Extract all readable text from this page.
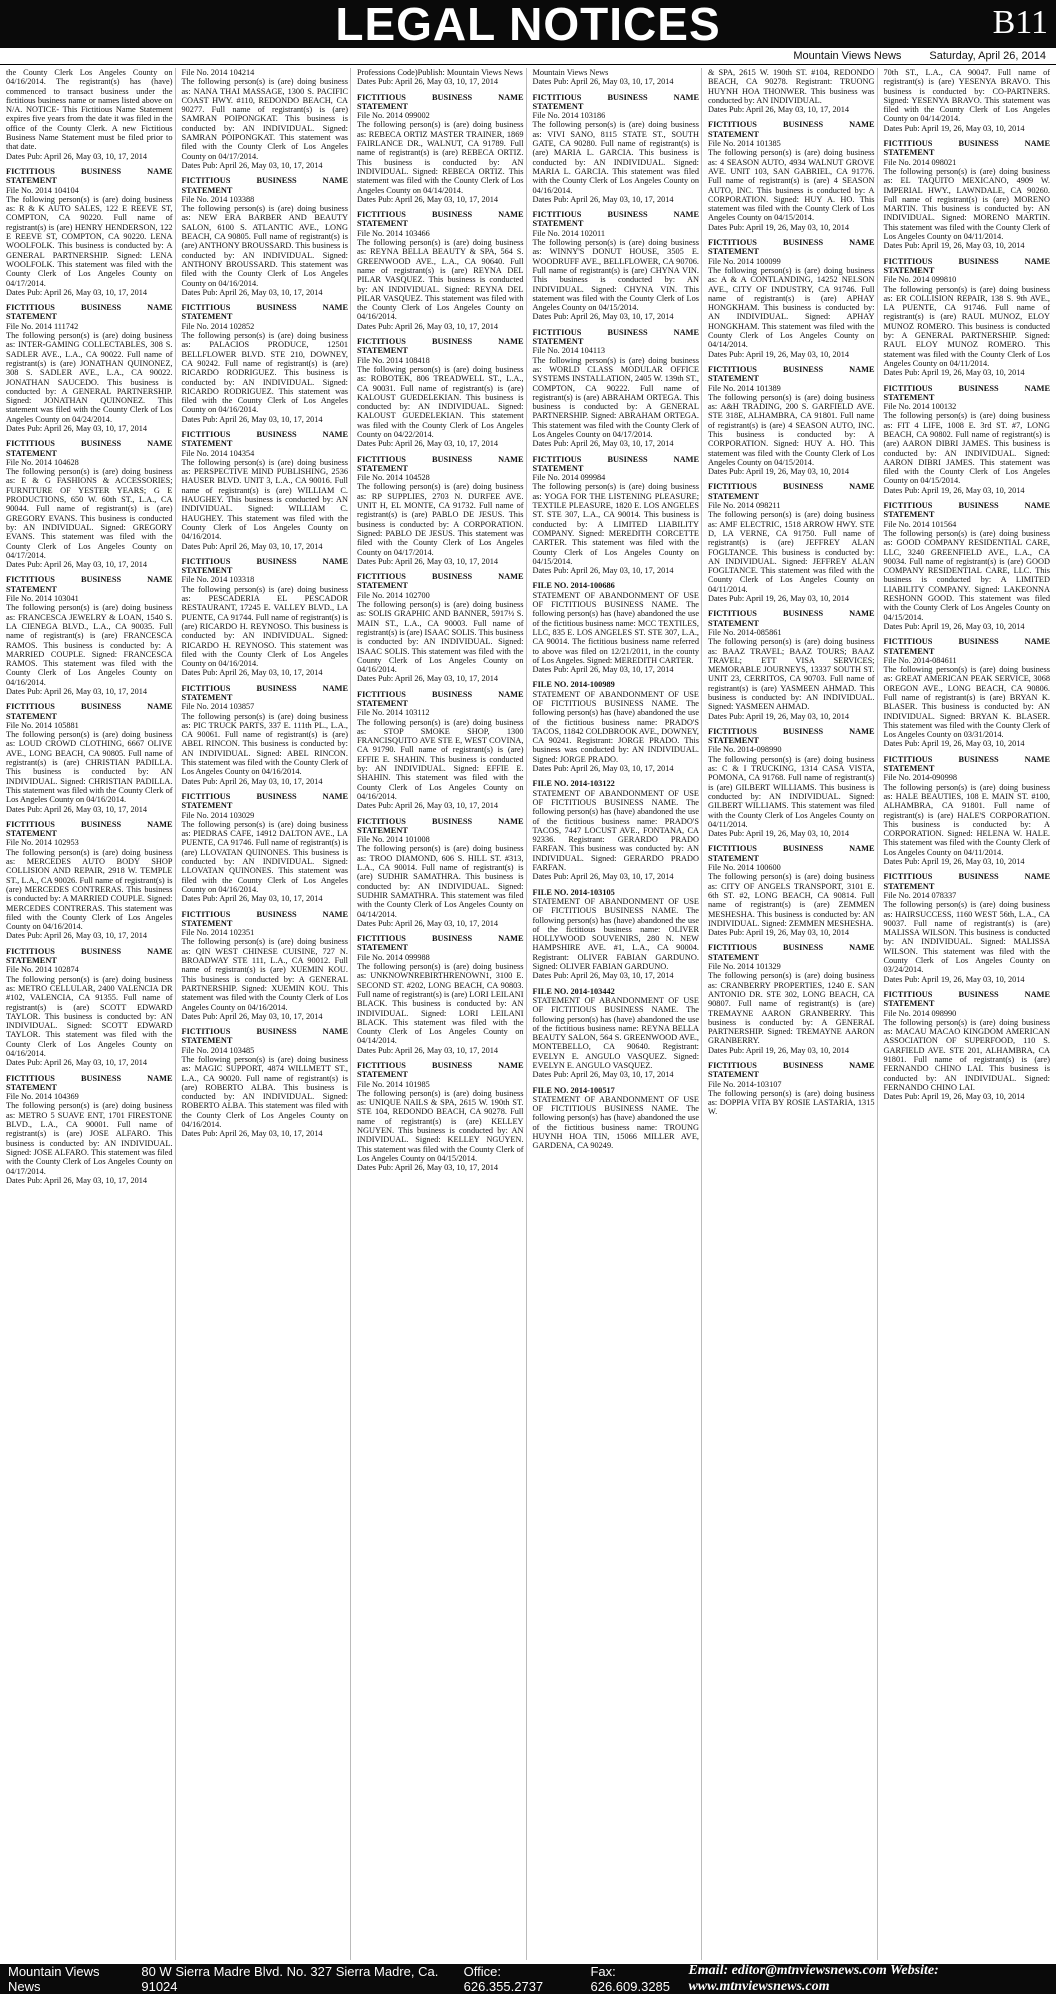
LEGAL NOTICES	B11
Mountain Views News	Saturday, April 26, 2014
the County Clerk Los Angeles County on 04/16/2014. The registrant(s) has (have) commenced to transact business under the fictitious business name or names listed above on N/A. NOTICE- This Fictitious Name Statement expires five years from the date it was filed in the office of the County Clerk. A new Fictitious Business Name Statement must be filed prior to that date.
Dates Pub: April 26, May 03, 10, 17, 2014
FICTITIOUS BUSINESS NAME STATEMENT
File No. 2014 104104
The following person(s) is (are) doing business as: R & K AUTO SALES, 122 E REEVE ST, COMPTON, CA 90220. Full name of registrant(s) is (are) HENRY HENDERSON, 122 E REEVE ST, COMPTON, CA 90220. LENA WOOLFOLK. This business is conducted by: A GENERAL PARTNERSHIP. Signed: LENA WOOLFOLK. This statement was filed with the County Clerk of Los Angeles County on 04/17/2014.
Dates Pub: April 26, May 03, 10, 17, 2014
FICTITIOUS BUSINESS NAME STATEMENT
File No. 2014 111742
The following person(s) is (are) doing business as: INTER-GAMING COLLECTABLES, 308 S. SADLER AVE., L.A., CA 90022. Full name of registrant(s) is (are) JONATHAN QUINONEZ, 308 S. SADLER AVE., L.A., CA 90022. JONATHAN SAUCEDO. This business is conducted by: A GENERAL PARTNERSHIP. Signed: JONATHAN QUINONEZ. This statement was filed with the County Clerk of Los Angeles County on 04/24/2014.
Dates Pub: April 26, May 03, 10, 17, 2014
FICTITIOUS BUSINESS NAME STATEMENT
File No. 2014 104628
The following person(s) is (are) doing business as: E & G FASHIONS & ACCESSORIES; FURNITURE OF YESTER YEARS; G E PRODUCTIONS, 650 W. 60th ST., L.A., CA 90044. Full name of registrant(s) is (are) GREGORY EVANS. This business is conducted by: AN INDIVIDUAL. Signed: GREGORY EVANS. This statement was filed with the County Clerk of Los Angeles County on 04/17/2014.
Dates Pub: April 26, May 03, 10, 17, 2014
FICTITIOUS BUSINESS NAME STATEMENT
File No. 2014 103041
The following person(s) is (are) doing business as: FRANCESCA JEWELRY & LOAN, 1540 S. LA CIENEGA BLVD., L.A., CA 90035. Full name of registrant(s) is (are) FRANCESCA RAMOS. This business is conducted by: A MARRIED COUPLE. Signed: FRANCESCA RAMOS. This statement was filed with the County Clerk of Los Angeles County on 04/16/2014.
Dates Pub: April 26, May 03, 10, 17, 2014
FICTITIOUS BUSINESS NAME STATEMENT
File No. 2014 105881
The following person(s) is (are) doing business as: LOUD CROWD CLOTHING, 6667 OLIVE AVE., LONG BEACH, CA 90805. Full name of registrant(s) is (are) CHRISTIAN PADILLA. This business is conducted by: AN INDIVIDUAL. Signed: CHRISTIAN PADILLA. This statement was filed with the County Clerk of Los Angeles County on 04/16/2014.
Dates Pub: April 26, May 03, 10, 17, 2014
FICTITIOUS BUSINESS NAME STATEMENT
File No. 2014 102953
The following person(s) is (are) doing business as: MERCEDES AUTO BODY SHOP COLLISION AND REPAIR, 2918 W. TEMPLE ST., L.A., CA 90026. Full name of registrant(s) is (are) MERCEDES CONTRERAS. This business is conducted by: A MARRIED COUPLE. Signed: MERCEDES CONTRERAS. This statement was filed with the County Clerk of Los Angeles County on 04/16/2014.
Dates Pub: April 26, May 03, 10, 17, 2014
FICTITIOUS BUSINESS NAME STATEMENT
File No. 2014 102874
The following person(s) is (are) doing business as: METRO CELLULAR, 2400 VALENCIA DR #102, VALENCIA, CA 91355. Full name of registrant(s) is (are) SCOTT EDWARD TAYLOR. This business is conducted by: AN INDIVIDUAL. Signed: SCOTT EDWARD TAYLOR. This statement was filed with the County Clerk of Los Angeles County on 04/16/2014.
Dates Pub: April 26, May 03, 10, 17, 2014
FICTITIOUS BUSINESS NAME STATEMENT
File No. 2014 104369
The following person(s) is (are) doing business as: METRO 5 SUAVE ENT, 1701 FIRESTONE BLVD., L.A., CA 90001. Full name of registrant(s) is (are) JOSE ALFARO. This business is conducted by: AN INDIVIDUAL. Signed: JOSE ALFARO. This statement was filed with the County Clerk of Los Angeles County on 04/17/2014.
Dates Pub: April 26, May 03, 10, 17, 2014
File No. 2014 104214
The following person(s) is (are) doing business as: NANA THAI MASSAGE, 1300 S. PACIFIC COAST HWY. #110, REDONDO BEACH, CA 90277. Full name of registrant(s) is (are) SAMRAN POIPONGKAT. This business is conducted by: AN INDIVIDUAL. Signed: SAMRAN POIPONGKAT. This statement was filed with the County Clerk of Los Angeles County on 04/17/2014.
Dates Pub: April 26, May 03, 10, 17, 2014
FICTITIOUS BUSINESS NAME STATEMENT
File No. 2014 103388
The following person(s) is (are) doing business as: NEW ERA BARBER AND BEAUTY SALON, 6100 S. ATLANTIC AVE., LONG BEACH, CA 90805. Full name of registrant(s) is (are) ANTHONY BROUSSARD. This business is conducted by: AN INDIVIDUAL. Signed: ANTHONY BROUSSARD. This statement was filed with the County Clerk of Los Angeles County on 04/16/2014.
Dates Pub: April 26, May 03, 10, 17, 2014
FICTITIOUS BUSINESS NAME STATEMENT
File No. 2014 102852
The following person(s) is (are) doing business as: PALACIOS PRODUCE, 12501 BELLFLOWER BLVD. STE 210, DOWNEY, CA 90242. Full name of registrant(s) is (are) RICARDO RODRIGUEZ. This business is conducted by: AN INDIVIDUAL. Signed: RICARDO RODRIGUEZ. This statement was filed with the County Clerk of Los Angeles County on 04/16/2014.
Dates Pub: April 26, May 03, 10, 17, 2014
FICTITIOUS BUSINESS NAME STATEMENT
File No. 2014 104354
The following person(s) is (are) doing business as: PERSPECTIVE MIND PUBLISHING, 2536 HAUSER BLVD. UNIT 3, L.A., CA 90016. Full name of registrant(s) is (are) WILLIAM C. HAUGHEY. This business is conducted by: AN INDIVIDUAL. Signed: WILLIAM C. HAUGHEY. This statement was filed with the County Clerk of Los Angeles County on 04/16/2014.
Dates Pub: April 26, May 03, 10, 17, 2014
FICTITIOUS BUSINESS NAME STATEMENT
File No. 2014 103318
The following person(s) is (are) doing business as: PESCADERIA EL PESCADOR RESTAURANT, 17245 E. VALLEY BLVD., LA PUENTE, CA 91744. Full name of registrant(s) is (are) RICARDO H. REYNOSO. This business is conducted by: AN INDIVIDUAL. Signed: RICARDO H. REYNOSO. This statement was filed with the County Clerk of Los Angeles County on 04/16/2014.
Dates Pub: April 26, May 03, 10, 17, 2014
FICTITIOUS BUSINESS NAME STATEMENT
File No. 2014 103857
The following person(s) is (are) doing business as: PIC TRUCK PARTS, 337 E. 111th PL., L.A., CA 90061. Full name of registrant(s) is (are) ABEL RINCON. This business is conducted by: AN INDIVIDUAL. Signed: ABEL RINCON. This statement was filed with the County Clerk of Los Angeles County on 04/16/2014.
Dates Pub: April 26, May 03, 10, 17, 2014
FICTITIOUS BUSINESS NAME STATEMENT
File No. 2014 103029
The following person(s) is (are) doing business as: PIEDRAS CAFE, 14912 DALTON AVE., LA PUENTE, CA 91746. Full name of registrant(s) is (are) LLOVATAN QUINONES. This business is conducted by: AN INDIVIDUAL. Signed: LLOVATAN QUINONES. This statement was filed with the County Clerk of Los Angeles County on 04/16/2014.
Dates Pub: April 26, May 03, 10, 17, 2014
FICTITIOUS BUSINESS NAME STATEMENT
File No. 2014 102351
The following person(s) is (are) doing business as: QIN WEST CHINESE CUISINE, 727 N. BROADWAY STE 111, L.A., CA 90012. Full name of registrant(s) is (are) XUEMIN KOU. This business is conducted by: A GENERAL PARTNERSHIP. Signed: XUEMIN KOU. This statement was filed with the County Clerk of Los Angeles County on 04/16/2014.
Dates Pub: April 26, May 03, 10, 17, 2014
FICTITIOUS BUSINESS NAME STATEMENT
File No. 2014 103485
The following person(s) is (are) doing business as: MAGIC SUPPORT, 4874 WILLMETT ST., L.A., CA 90020. Full name of registrant(s) is (are) ROBERTO ALBA. This business is conducted by: AN INDIVIDUAL. Signed: ROBERTO ALBA. This statement was filed with the County Clerk of Los Angeles County on 04/16/2014.
Dates Pub: April 26, May 03, 10, 17, 2014
Professions Code)Publish: Mountain Views News
Dates Pub: April 26, May 03, 10, 17, 2014
FICTITIOUS BUSINESS NAME STATEMENT
File No. 2014 099002
The following person(s) is (are) doing business as: REBECA ORTIZ MASTER TRAINER, 1869 FAIRLANCE DR., WALNUT, CA 91789. Full name of registrant(s) is (are) REBECA ORTIZ. This business is conducted by: AN INDIVIDUAL. Signed: REBECA ORTIZ. This statement was filed with the County Clerk of Los Angeles County on 04/14/2014.
Dates Pub: April 26, May 03, 10, 17, 2014
FICTITIOUS BUSINESS NAME STATEMENT
File No. 2014 103466
The following person(s) is (are) doing business as: REYNA BELLA BEAUTY & SPA, 564 S. GREENWOOD AVE., L.A., CA 90640. Full name of registrant(s) is (are) REYNA DEL PILAR VASQUEZ. This business is conducted by: AN INDIVIDUAL. Signed: REYNA DEL PILAR VASQUEZ. This statement was filed with the County Clerk of Los Angeles County on 04/16/2014.
Dates Pub: April 26, May 03, 10, 17, 2014
FICTITIOUS BUSINESS NAME STATEMENT
File No. 2014 108418
The following person(s) is (are) doing business as: ROBOTEK, 806 TREADWELL ST., L.A., CA 90031. Full name of registrant(s) is (are) KALOUST GUEDELEKIAN. This business is conducted by: AN INDIVIDUAL. Signed: KALOUST GUEDELEKIAN. This statement was filed with the County Clerk of Los Angeles County on 04/22/2014.
Dates Pub: April 26, May 03, 10, 17, 2014
FICTITIOUS BUSINESS NAME STATEMENT
File No. 2014 104528
The following person(s) is (are) doing business as: RP SUPPLIES, 2703 N. DURFEE AVE. UNIT H, EL MONTE, CA 91732. Full name of registrant(s) is (are) PABLO DE JESUS. This business is conducted by: A CORPORATION. Signed: PABLO DE JESUS. This statement was filed with the County Clerk of Los Angeles County on 04/17/2014.
Dates Pub: April 26, May 03, 10, 17, 2014
FICTITIOUS BUSINESS NAME STATEMENT
File No. 2014 102700
The following person(s) is (are) doing business as: SOLIS GRAPHIC AND BANNER, 5917½ S. MAIN ST., L.A., CA 90003. Full name of registrant(s) is (are) ISAAC SOLIS. This business is conducted by: AN INDIVIDUAL. Signed: ISAAC SOLIS. This statement was filed with the County Clerk of Los Angeles County on 04/16/2014.
Dates Pub: April 26, May 03, 10, 17, 2014
FICTITIOUS BUSINESS NAME STATEMENT
File No. 2014 103112
The following person(s) is (are) doing business as: STOP SMOKE SHOP, 1300 FRANCISQUITO AVE STE E, WEST COVINA, CA 91790. Full name of registrant(s) is (are) EFFIE E. SHAHIN. This business is conducted by: AN INDIVIDUAL. Signed: EFFIE E. SHAHIN. This statement was filed with the County Clerk of Los Angeles County on 04/16/2014.
Dates Pub: April 26, May 03, 10, 17, 2014
FICTITIOUS BUSINESS NAME STATEMENT
File No. 2014 101008
The following person(s) is (are) doing business as: TROO DIAMOND, 606 S. HILL ST. #313, L.A., CA 90014. Full name of registrant(s) is (are) SUDHIR SAMATHRA. This business is conducted by: AN INDIVIDUAL. Signed: SUDHIR SAMATHRA. This statement was filed with the County Clerk of Los Angeles County on 04/14/2014.
Dates Pub: April 26, May 03, 10, 17, 2014
FICTITIOUS BUSINESS NAME STATEMENT
File No. 2014 099988
The following person(s) is (are) doing business as: UNKNOWNREBIRTHRENOWN1, 3100 E. SECOND ST. #202, LONG BEACH, CA 90803. Full name of registrant(s) is (are) LORI LEILANI BLACK. This business is conducted by: AN INDIVIDUAL. Signed: LORI LEILANI BLACK. This statement was filed with the County Clerk of Los Angeles County on 04/14/2014.
Dates Pub: April 26, May 03, 10, 17, 2014
FICTITIOUS BUSINESS NAME STATEMENT
File No. 2014 101985
The following person(s) is (are) doing business as: UNIQUE NAILS & SPA, 2615 W. 190th ST. STE 104, REDONDO BEACH, CA 90278. Full name of registrant(s) is (are) KELLEY NGUYEN. This business is conducted by: AN INDIVIDUAL. Signed: KELLEY NGUYEN. This statement was filed with the County Clerk of Los Angeles County on 04/15/2014.
Dates Pub: April 26, May 03, 10, 17, 2014
Mountain Views News
Dates Pub: April 26, May 03, 10, 17, 2014
FICTITIOUS BUSINESS NAME STATEMENT
File No. 2014 103186
The following person(s) is (are) doing business as: VIVI SANO, 8115 STATE ST., SOUTH GATE, CA 90280. Full name of registrant(s) is (are) MARIA L. GARCIA. This business is conducted by: AN INDIVIDUAL. Signed: MARIA L. GARCIA. This statement was filed with the County Clerk of Los Angeles County on 04/16/2014.
Dates Pub: April 26, May 03, 10, 17, 2014
FICTITIOUS BUSINESS NAME STATEMENT
File No. 2014 102011
The following person(s) is (are) doing business as: WINNY'S DONUT HOUSE, 3505 E. WOODRUFF AVE., BELLFLOWER, CA 90706. Full name of registrant(s) is (are) CHYNA VIN. This business is conducted by: AN INDIVIDUAL. Signed: CHYNA VIN. This statement was filed with the County Clerk of Los Angeles County on 04/15/2014.
Dates Pub: April 26, May 03, 10, 17, 2014
FICTITIOUS BUSINESS NAME STATEMENT
File No. 2014 104113
The following person(s) is (are) doing business as: WORLD CLASS MODULAR OFFICE SYSTEMS INSTALLATION, 2405 W. 139th ST., COMPTON, CA 90222. Full name of registrant(s) is (are) ABRAHAM ORTEGA. This business is conducted by: A GENERAL PARTNERSHIP. Signed: ABRAHAM ORTEGA. This statement was filed with the County Clerk of Los Angeles County on 04/17/2014.
Dates Pub: April 26, May 03, 10, 17, 2014
FICTITIOUS BUSINESS NAME STATEMENT
File No. 2014 099984
The following person(s) is (are) doing business as: YOGA FOR THE LISTENING PLEASURE; TEXTILE PLEASURE, 1820 E. LOS ANGELES ST. STE 307, L.A., CA 90014. This business is conducted by: A LIMITED LIABILITY COMPANY. Signed: MEREDITH CORCETTE CARTER. This statement was filed with the County Clerk of Los Angeles County on 04/15/2014.
Dates Pub: April 26, May 03, 10, 17, 2014
FILE NO. 2014-100686
STATEMENT OF ABANDONMENT OF USE OF FICTITIOUS BUSINESS NAME. The following person(s) has (have) abandoned the use of the fictitious business name: MCC TEXTILES, LLC, 835 E. LOS ANGELES ST. STE 307, L.A., CA 90014. The fictitious business name referred to above was filed on 12/21/2011, in the county of Los Angeles. Signed: MEREDITH CARTER.
Dates Pub: April 26, May 03, 10, 17, 2014
FILE NO. 2014-100989
STATEMENT OF ABANDONMENT OF USE OF FICTITIOUS BUSINESS NAME. The following person(s) has (have) abandoned the use of the fictitious business name: PRADO'S TACOS, 11842 COLDBROOK AVE., DOWNEY, CA 90241. Registrant: JORGE PRADO. This business was conducted by: AN INDIVIDUAL. Signed: JORGE PRADO.
Dates Pub: April 26, May 03, 10, 17, 2014
FILE NO. 2014-103122
STATEMENT OF ABANDONMENT OF USE OF FICTITIOUS BUSINESS NAME. The following person(s) has (have) abandoned the use of the fictitious business name: PRADO'S TACOS, 7447 LOCUST AVE., FONTANA, CA 92336. Registrant: GERARDO PRADO FARFAN. This business was conducted by: AN INDIVIDUAL. Signed: GERARDO PRADO FARFAN.
Dates Pub: April 26, May 03, 10, 17, 2014
FILE NO. 2014-103105
STATEMENT OF ABANDONMENT OF USE OF FICTITIOUS BUSINESS NAME. The following person(s) has (have) abandoned the use of the fictitious business name: OLIVER HOLLYWOOD SOUVENIRS, 280 N. NEW HAMPSHIRE AVE. #1, L.A., CA 90004. Registrant: OLIVER FABIAN GARDUNO. Signed: OLIVER FABIAN GARDUNO.
Dates Pub: April 26, May 03, 10, 17, 2014
FILE NO. 2014-103442
STATEMENT OF ABANDONMENT OF USE OF FICTITIOUS BUSINESS NAME. The following person(s) has (have) abandoned the use of the fictitious business name: REYNA BELLA BEAUTY SALON, 564 S. GREENWOOD AVE., MONTEBELLO, CA 90640. Registrant: EVELYN E. ANGULO VASQUEZ. Signed: EVELYN E. ANGULO VASQUEZ.
Dates Pub: April 26, May 03, 10, 17, 2014
FILE NO. 2014-100517
STATEMENT OF ABANDONMENT OF USE OF FICTITIOUS BUSINESS NAME. The following person(s) has (have) abandoned the use of the fictitious business name: TROUNG HUYNH HOA TIN, 15066 MILLER AVE, GARDENA, CA 90249.
& SPA, 2615 W. 190th ST. #104, REDONDO BEACH, CA 90278. Registrant: TRUONG HUYNH HOA THONWER. This business was conducted by: AN INDIVIDUAL.
Dates Pub: April 26, May 03, 10, 17, 2014
FICTITIOUS BUSINESS NAME STATEMENT
File No. 2014 101385
The following person(s) is (are) doing business as: 4 SEASON AUTO, 4934 WALNUT GROVE AVE. UNIT 103, SAN GABRIEL, CA 91776. Full name of registrant(s) is (are) 4 SEASON AUTO, INC. This business is conducted by: A CORPORATION. Signed: HUY A. HO. This statement was filed with the County Clerk of Los Angeles County on 04/15/2014.
Dates Pub: April 19, 26, May 03, 10, 2014
FICTITIOUS BUSINESS NAME STATEMENT
File No. 2014 100099
The following person(s) is (are) doing business as: A & A CONTLANDING, 14252 NELSON AVE., CITY OF INDUSTRY, CA 91746. Full name of registrant(s) is (are) APHAY HONGKHAM. This business is conducted by: AN INDIVIDUAL. Signed: APHAY HONGKHAM. This statement was filed with the County Clerk of Los Angeles County on 04/14/2014.
Dates Pub: April 19, 26, May 03, 10, 2014
FICTITIOUS BUSINESS NAME STATEMENT
File No. 2014 101389
The following person(s) is (are) doing business as: A&H TRADING, 200 S. GARFIELD AVE. STE 318E, ALHAMBRA, CA 91801. Full name of registrant(s) is (are) 4 SEASON AUTO, INC. This business is conducted by: A CORPORATION. Signed: HUY A. HO. This statement was filed with the County Clerk of Los Angeles County on 04/15/2014.
Dates Pub: April 19, 26, May 03, 10, 2014
FICTITIOUS BUSINESS NAME STATEMENT
File No. 2014 098211
The following person(s) is (are) doing business as: AMF ELECTRIC, 1518 ARROW HWY. STE D, LA VERNE, CA 91750. Full name of registrant(s) is (are) JEFFREY ALAN FOGLTANCE. This business is conducted by: AN INDIVIDUAL. Signed: JEFFREY ALAN FOGLTANCE. This statement was filed with the County Clerk of Los Angeles County on 04/11/2014.
Dates Pub: April 19, 26, May 03, 10, 2014
FICTITIOUS BUSINESS NAME STATEMENT
File No. 2014-085861
The following person(s) is (are) doing business as: BAAZ TRAVEL; BAAZ TOURS; BAAZ TRAVEL; ETT VISA SERVICES; MEMORABLE JOURNEYS, 13337 SOUTH ST. UNIT 23, CERRITOS, CA 90703. Full name of registrant(s) is (are) YASMEEN AHMAD. This business is conducted by: AN INDIVIDUAL. Signed: YASMEEN AHMAD.
Dates Pub: April 19, 26, May 03, 10, 2014
FICTITIOUS BUSINESS NAME STATEMENT
File No. 2014-098990
The following person(s) is (are) doing business as: C & I TRUCKING, 1314 CASA VISTA, POMONA, CA 91768. Full name of registrant(s) is (are) GILBERT WILLIAMS. This business is conducted by: AN INDIVIDUAL. Signed: GILBERT WILLIAMS. This statement was filed with the County Clerk of Los Angeles County on 04/11/2014.
Dates Pub: April 19, 26, May 03, 10, 2014
FICTITIOUS BUSINESS NAME STATEMENT
File No. 2014 100600
The following person(s) is (are) doing business as: CITY OF ANGELS TRANSPORT, 3101 E. 6th ST. #2, LONG BEACH, CA 90814. Full name of registrant(s) is (are) ZEMMEN MESHESHA. This business is conducted by: AN INDIVIDUAL. Signed: ZEMMEN MESHESHA.
Dates Pub: April 19, 26, May 03, 10, 2014
FICTITIOUS BUSINESS NAME STATEMENT
File No. 2014 101329
The following person(s) is (are) doing business as: CRANBERRY PROPERTIES, 1240 E. SAN ANTONIO DR. STE 302, LONG BEACH, CA 90807. Full name of registrant(s) is (are) TREMAYNE AARON GRANBERRY. This business is conducted by: A GENERAL PARTNERSHIP. Signed: TREMAYNE AARON GRANBERRY.
Dates Pub: April 19, 26, May 03, 10, 2014
FICTITIOUS BUSINESS NAME STATEMENT
File No. 2014-103107
The following person(s) is (are) doing business as: DOPPIA VITA BY ROSIE LASTARIA, 1315 W.
70th ST., L.A., CA 90047. Full name of registrant(s) is (are) YESENYA BRAVO. This business is conducted by: CO-PARTNERS. Signed: YESENYA BRAVO. This statement was filed with the County Clerk of Los Angeles County on 04/14/2014.
Dates Pub: April 19, 26, May 03, 10, 2014
FICTITIOUS BUSINESS NAME STATEMENT
File No. 2014 098021
The following person(s) is (are) doing business as: EL TAQUITO MEXICANO, 4909 W. IMPERIAL HWY., LAWNDALE, CA 90260. Full name of registrant(s) is (are) MORENO MARTIN. This business is conducted by: AN INDIVIDUAL. Signed: MORENO MARTIN. This statement was filed with the County Clerk of Los Angeles County on 04/11/2014.
Dates Pub: April 19, 26, May 03, 10, 2014
FICTITIOUS BUSINESS NAME STATEMENT
File No. 2014 099810
The following person(s) is (are) doing business as: ER COLLISION REPAIR, 138 S. 9th AVE., LA PUENTE, CA 91746. Full name of registrant(s) is (are) RAUL MUNOZ, ELOY MUNOZ ROMERO. This business is conducted by: A GENERAL PARTNERSHIP. Signed: RAUL ELOY MUNOZ ROMERO. This statement was filed with the County Clerk of Los Angeles County on 04/11/2014.
Dates Pub: April 19, 26, May 03, 10, 2014
FICTITIOUS BUSINESS NAME STATEMENT
File No. 2014 100132
The following person(s) is (are) doing business as: FIT 4 LIFE, 1008 E. 3rd ST. #7, LONG BEACH, CA 90802. Full name of registrant(s) is (are) AARON DIBRI JAMES. This business is conducted by: AN INDIVIDUAL. Signed: AARON DIBRI JAMES. This statement was filed with the County Clerk of Los Angeles County on 04/15/2014.
Dates Pub: April 19, 26, May 03, 10, 2014
FICTITIOUS BUSINESS NAME STATEMENT
File No. 2014 101564
The following person(s) is (are) doing business as: GOOD COMPANY RESIDENTIAL CARE, LLC, 3240 GREENFIELD AVE., L.A., CA 90034. Full name of registrant(s) is (are) GOOD COMPANY RESIDENTIAL CARE, LLC. This business is conducted by: A LIMITED LIABILITY COMPANY. Signed: LAKEONNA RESHONN GOOD. This statement was filed with the County Clerk of Los Angeles County on 04/15/2014.
Dates Pub: April 19, 26, May 03, 10, 2014
FICTITIOUS BUSINESS NAME STATEMENT
File No. 2014-084611
The following person(s) is (are) doing business as: GREAT AMERICAN PEAK SERVICE, 3068 OREGON AVE., LONG BEACH, CA 90806. Full name of registrant(s) is (are) BRYAN K. BLASER. This business is conducted by: AN INDIVIDUAL. Signed: BRYAN K. BLASER. This statement was filed with the County Clerk of Los Angeles County on 03/31/2014.
Dates Pub: April 19, 26, May 03, 10, 2014
FICTITIOUS BUSINESS NAME STATEMENT
File No. 2014-090998
The following person(s) is (are) doing business as: HALE BEAUTIES, 108 E. MAIN ST. #100, ALHAMBRA, CA 91801. Full name of registrant(s) is (are) HALE'S CORPORATION. This business is conducted by: A CORPORATION. Signed: HELENA W. HALE. This statement was filed with the County Clerk of Los Angeles County on 04/11/2014.
Dates Pub: April 19, 26, May 03, 10, 2014
FICTITIOUS BUSINESS NAME STATEMENT
File No. 2014 078337
The following person(s) is (are) doing business as: HAIRSUCCESS, 1160 WEST 56th, L.A., CA 90037. Full name of registrant(s) is (are) MALISSA WILSON. This business is conducted by: AN INDIVIDUAL. Signed: MALISSA WILSON. This statement was filed with the County Clerk of Los Angeles County on 03/24/2014.
Dates Pub: April 19, 26, May 03, 10, 2014
FICTITIOUS BUSINESS NAME STATEMENT
File No. 2014 098990
The following person(s) is (are) doing business as: MACAU MACAO KINGDOM AMERICAN ASSOCIATION OF SUPERFOOD, 110 S. GARFIELD AVE. STE 201, ALHAMBRA, CA 91801. Full name of registrant(s) is (are) FERNANDO CHINO LAI. This business is conducted by: AN INDIVIDUAL. Signed: FERNANDO CHINO LAI.
Dates Pub: April 19, 26, May 03, 10, 2014
Mountain Views News
80 W Sierra Madre Blvd. No. 327 Sierra Madre, Ca. 91024
Office: 626.355.2737
Fax: 626.609.3285
Email: editor@mtnviewsnews.com Website: www.mtnviewsnews.com
